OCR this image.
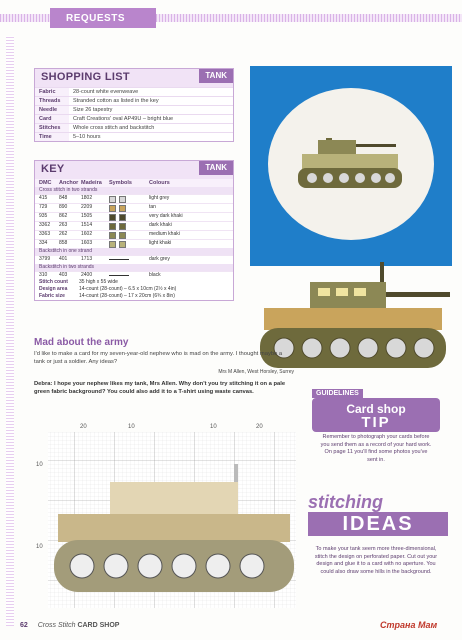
REQUESTS
SHOPPING LIST	TANK
Fabric	28-count white evenweave
Threads	Stranded cotton as listed in the key
Needle	Size 26 tapestry
Card	Craft Creations' oval AP49U – bright blue
Stitches	Whole cross stitch and backstitch
Time	5–10 hours
KEY	TANK
DMC	Anchor Madeira	Symbols	Colours
Cross stitch in two strands
415	848	1802	light grey
729	890	2209	tan
935	862	1505	very dark khaki
3362	263	1514	dark khaki
3363	262	1602	medium khaki
334	858	1603	light khaki
Backstitch in one strand
3799	401	1713	dark grey
Backstitch in two strands
310	403	2400	black
Stitch count	35 high x 55 wide
Design area	14-count (28-count) – 6.5 x 10cm (2½ x 4in)
Fabric size	14-count (28-count) – 17 x 20cm (6¾ x 8in)
Mad about the army
I'd like to make a card for my seven-year-old nephew who is mad on the army. I thought maybe a tank or just a soldier. Any ideas?
Mrs M Allen, West Horsley, Surrey
Debra: I hope your nephew likes my tank, Mrs Allen. Why don't you try stitching it on a pale green fabric background? You could also add it to a T-shirt using waste canvas.	GUIDELINES
Card shop
TIP
Remember to photograph your cards before you send them as a record of your hard work. On page 11 you'll find some photos you've sent in.
stitching
IDEAS
To make your tank seem more three-dimensional, stitch the design on perforated paper. Cut out your design and glue it to a card with no aperture. You could also draw some hills in the background.
20	10	10	20
10
10
62 Cross Stitch CARD SHOP	Страна Мам
